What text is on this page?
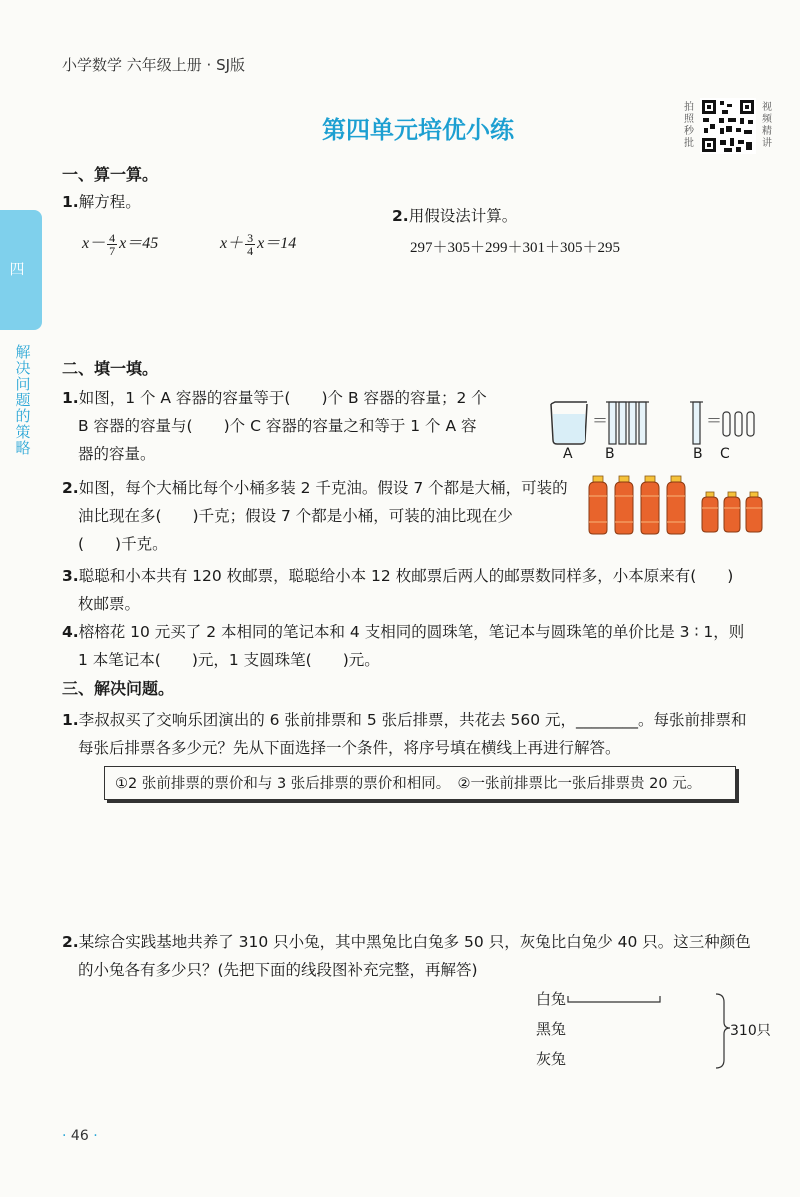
小学数学 六年级上册 · SJ版
第四单元培优小练
拍照秒批
视频精讲
四
解决问题的策略
一、算一算。
1.解方程。
$x- \frac{4}{7} x=45$	$x+ \frac{3}{4} x=14$
2.用假设法计算。
297＋305＋299＋301＋305＋295
二、填一填。
1.如图，1 个 A 容器的容量等于(　　)个 B 容器的容量；2 个
B 容器的容量与(　　)个 C 容器的容量之和等于 1 个 A 容
器的容量。
＝	＝
A B	B C
2.如图，每个大桶比每个小桶多装 2 千克油。假设 7 个都是大桶，可装的
油比现在多(　　)千克；假设 7 个都是小桶，可装的油比现在少
(　　)千克。
3.聪聪和小本共有 120 枚邮票，聪聪给小本 12 枚邮票后两人的邮票数同样多，小本原来有(　　)
枚邮票。
4.榕榕花 10 元买了 2 本相同的笔记本和 4 支相同的圆珠笔，笔记本与圆珠笔的单价比是 3 ∶ 1，则
1 本笔记本(　　)元，1 支圆珠笔(　　)元。
三、解决问题。
1.李叔叔买了交响乐团演出的 6 张前排票和 5 张后排票，共花去 560 元，________。每张前排票和
每张后排票各多少元？先从下面选择一个条件，将序号填在横线上再进行解答。
①2 张前排票的票价和与 3 张后排票的票价和相同。　②一张前排票比一张后排票贵 20 元。
2.某综合实践基地共养了 310 只小兔，其中黑兔比白兔多 50 只，灰兔比白兔少 40 只。这三种颜色
的小兔各有多少只？(先把下面的线段图补充完整，再解答)
白兔
黑兔
灰兔
310只
· 46 ·
